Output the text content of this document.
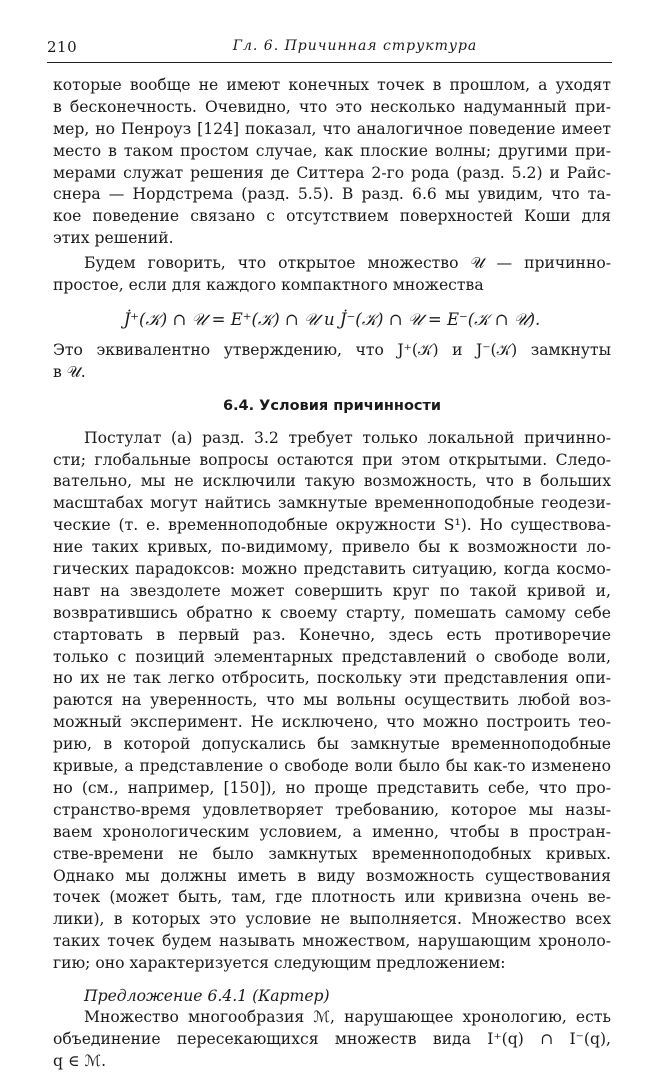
210	Гл. 6. Причинная структура
которые вообще не имеют конечных точек в прошлом, а уходят
в бесконечность. Очевидно, что это несколько надуманный при-
мер, но Пенроуз [124] показал, что аналогичное поведение имеет
место в таком простом случае, как плоские волны; другими при-
мерами служат решения де Ситтера 2-го рода (разд. 5.2) и Райс-
снера — Нордстрема (разд. 5.5). В разд. 6.6 мы увидим, что та-
кое поведение связано с отсутствием поверхностей Коши для
этих решений.
Будем говорить, что открытое множество 𝒰 — причинно-
простое, если для каждого компактного множества
J̇⁺(𝒦) ∩ 𝒰 = E⁺(𝒦) ∩ 𝒰 и J̇⁻(𝒦) ∩ 𝒰 = E⁻(𝒦 ∩ 𝒰).
Это эквивалентно утверждению, что J⁺(𝒦) и J⁻(𝒦) замкнуты
в 𝒰.
6.4. Условия причинности
Постулат (а) разд. 3.2 требует только локальной причинно-
сти; глобальные вопросы остаются при этом открытыми. Следо-
вательно, мы не исключили такую возможность, что в больших
масштабах могут найтись замкнутые временноподобные геодези-
ческие (т. е. временноподобные окружности S¹). Но существова-
ние таких кривых, по-видимому, привело бы к возможности ло-
гических парадоксов: можно представить ситуацию, когда космо-
навт на звездолете может совершить круг по такой кривой и,
возвратившись обратно к своему старту, помешать самому себе
стартовать в первый раз. Конечно, здесь есть противоречие
только с позиций элементарных представлений о свободе воли,
но их не так легко отбросить, поскольку эти представления опи-
раются на уверенность, что мы вольны осуществить любой воз-
можный эксперимент. Не исключено, что можно построить тео-
рию, в которой допускались бы замкнутые временноподобные
кривые, а представление о свободе воли было бы как-то изменено
но (см., например, [150]), но проще представить себе, что про-
странство-время удовлетворяет требованию, которое мы назы-
ваем хронологическим условием, а именно, чтобы в простран-
стве-времени не было замкнутых временноподобных кривых.
Однако мы должны иметь в виду возможность существования
точек (может быть, там, где плотность или кривизна очень ве-
лики), в которых это условие не выполняется. Множество всех
таких точек будем называть множеством, нарушающим хроноло-
гию; оно характеризуется следующим предложением:
Предложение 6.4.1 (Картер)
Множество многообразия ℳ, нарушающее хронологию, есть
объединение пересекающихся множеств вида I⁺(q) ∩ I⁻(q),
q ∈ ℳ.
